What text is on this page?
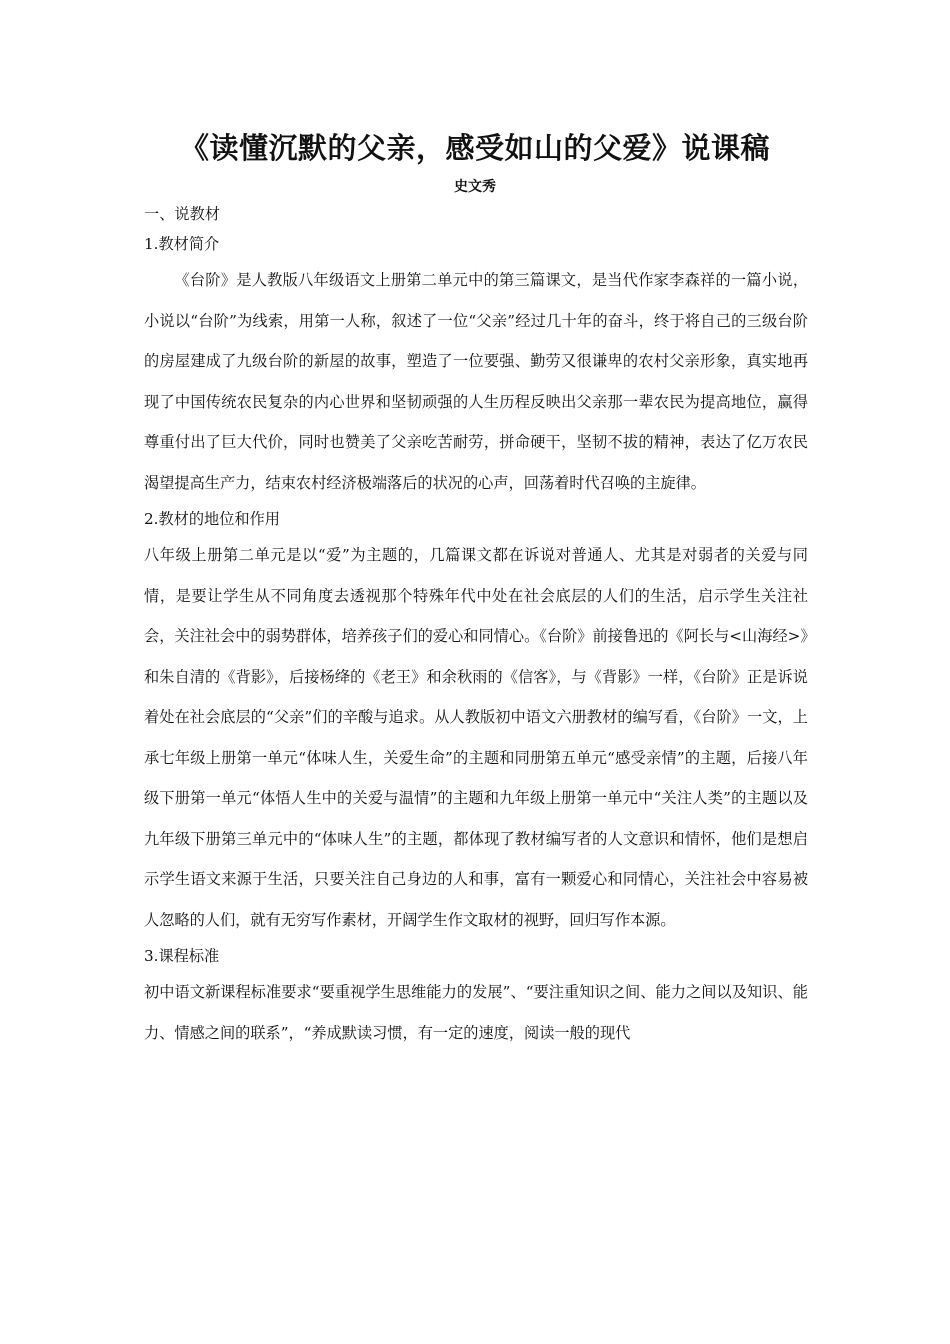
《读懂沉默的父亲，感受如山的父爱》说课稿
史文秀

一、说教材

1.教材简介

《台阶》是人教版八年级语文上册第二单元中的第三篇课文，是当代作家李森祥的一篇小说，小说以“台阶”为线索，用第一人称，叙述了一位“父亲”经过几十年的奋斗，终于将自己的三级台阶的房屋建成了九级台阶的新屋的故事，塑造了一位要强、勤劳又很谦卑的农村父亲形象，真实地再现了中国传统农民复杂的内心世界和坚韧顽强的人生历程反映出父亲那一辈农民为提高地位，赢得尊重付出了巨大代价，同时也赞美了父亲吃苦耐劳，拼命硬干，坚韧不拔的精神，表达了亿万农民渴望提高生产力，结束农村经济极端落后的状况的心声，回荡着时代召唤的主旋律。

2.教材的地位和作用

八年级上册第二单元是以“爱”为主题的，几篇课文都在诉说对普通人、尤其是对弱者的关爱与同情，是要让学生从不同角度去透视那个特殊年代中处在社会底层的人们的生活，启示学生关注社会，关注社会中的弱势群体，培养孩子们的爱心和同情心。《台阶》前接鲁迅的《阿长与<山海经>》和朱自清的《背影》，后接杨绛的《老王》和余秋雨的《信客》，与《背影》一样，《台阶》正是诉说着处在社会底层的“父亲”们的辛酸与追求。从人教版初中语文六册教材的编写看，《台阶》一文，上承七年级上册第一单元“体味人生，关爱生命”的主题和同册第五单元“感受亲情”的主题，后接八年级下册第一单元“体悟人生中的关爱与温情”的主题和九年级上册第一单元中“关注人类”的主题以及九年级下册第三单元中的“体味人生”的主题，都体现了教材编写者的人文意识和情怀，他们是想启示学生语文来源于生活，只要关注自己身边的人和事，富有一颗爱心和同情心，关注社会中容易被人忽略的人们，就有无穷写作素材，开阔学生作文取材的视野，回归写作本源。

3.课程标准

初中语文新课程标准要求“要重视学生思维能力的发展”、“要注重知识之间、能力之间以及知识、能力、情感之间的联系”，“养成默读习惯，有一定的速度，阅读一般的现代
